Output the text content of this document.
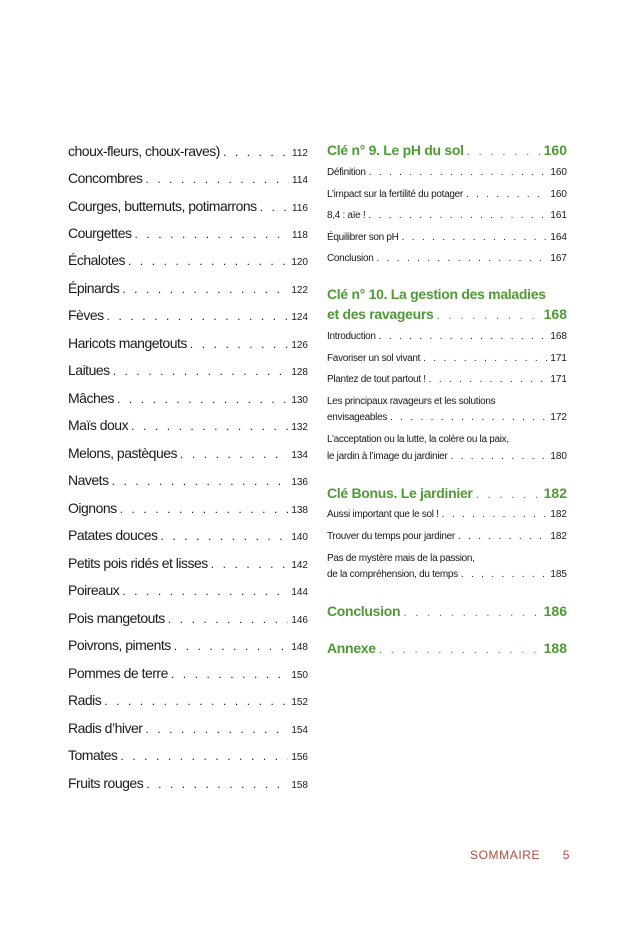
choux-fleurs, choux-raves) . . .	112
Concombres . . .	114
Courges, butternuts, potimarrons . . .	116
Courgettes . . .	118
Échalotes . . .	120
Épinards . . .	122
Fèves . . .	124
Haricots mangetouts . . .	126
Laitues . . .	128
Mâches . . .	130
Maïs doux . . .	132
Melons, pastèques . . .	134
Navets . . .	136
Oignons . . .	138
Patates douces . . .	140
Petits pois ridés et lisses . . .	142
Poireaux . . .	144
Pois mangetouts . . .	146
Poivrons, piments . . .	148
Pommes de terre . . .	150
Radis . . .	152
Radis d’hiver . . .	154
Tomates . . .	156
Fruits rouges . . .	158
Clé n° 9. Le pH du sol . . .	160
Définition . . .	160
L’impact sur la fertilité du potager . . .	160
8,4 : aïe ! . . .	161
Équilibrer son pH . . .	164
Conclusion . . .	167
Clé n° 10. La gestion des maladies
et des ravageurs . . .	168
Introduction . . .	168
Favoriser un sol vivant . . .	171
Plantez de tout partout ! . . .	171
Les principaux ravageurs et les solutions
envisageables . . .	172
L’acceptation ou la lutte, la colère ou la paix,
le jardin à l’image du jardinier . . .	180
Clé Bonus. Le jardinier . . .	182
Aussi important que le sol ! . . .	182
Trouver du temps pour jardiner . . .	182
Pas de mystère mais de la passion,
de la compréhension, du temps . . .	185
Conclusion . . .	186
Annexe . . .	188
SOMMAIRE 5
